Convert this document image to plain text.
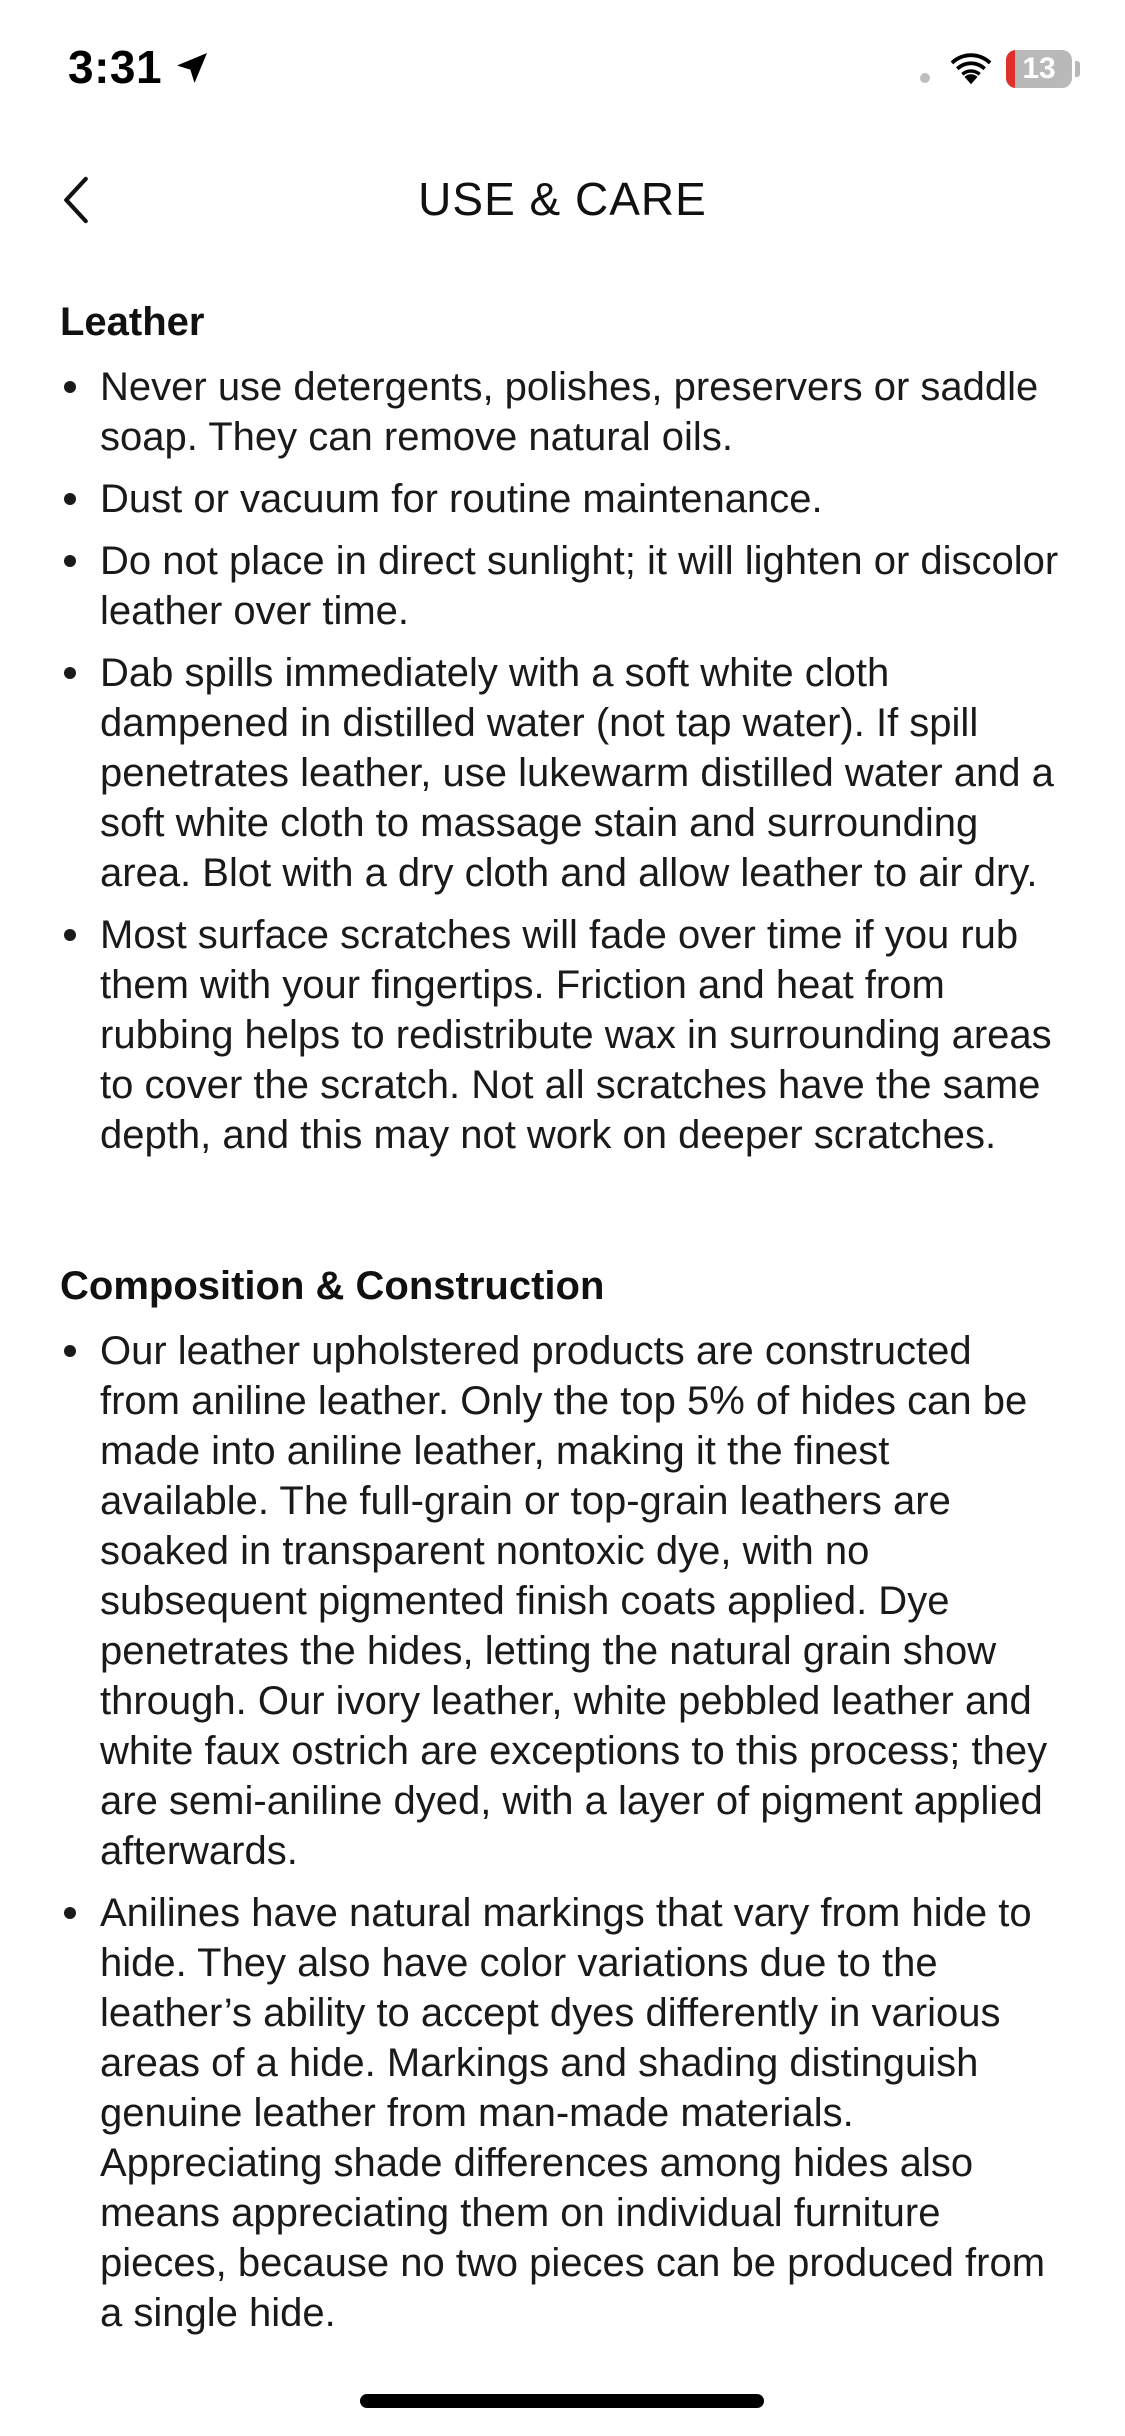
3:31	13
USE & CARE
Leather
Never use detergents, polishes, preservers or saddle soap. They can remove natural oils.
Dust or vacuum for routine maintenance.
Do not place in direct sunlight; it will lighten or discolor leather over time.
Dab spills immediately with a soft white cloth dampened in distilled water (not tap water). If spill penetrates leather, use lukewarm distilled water and a soft white cloth to massage stain and surrounding area. Blot with a dry cloth and allow leather to air dry.
Most surface scratches will fade over time if you rub them with your fingertips. Friction and heat from rubbing helps to redistribute wax in surrounding areas to cover the scratch. Not all scratches have the same depth, and this may not work on deeper scratches.
Composition & Construction
Our leather upholstered products are constructed from aniline leather. Only the top 5% of hides can be made into aniline leather, making it the finest available. The full-grain or top-grain leathers are soaked in transparent nontoxic dye, with no subsequent pigmented finish coats applied. Dye penetrates the hides, letting the natural grain show through. Our ivory leather, white pebbled leather and white faux ostrich are exceptions to this process; they are semi-aniline dyed, with a layer of pigment applied afterwards.
Anilines have natural markings that vary from hide to hide. They also have color variations due to the leather’s ability to accept dyes differently in various areas of a hide. Markings and shading distinguish genuine leather from man-made materials. Appreciating shade differences among hides also means appreciating them on individual furniture pieces, because no two pieces can be produced from a single hide.
